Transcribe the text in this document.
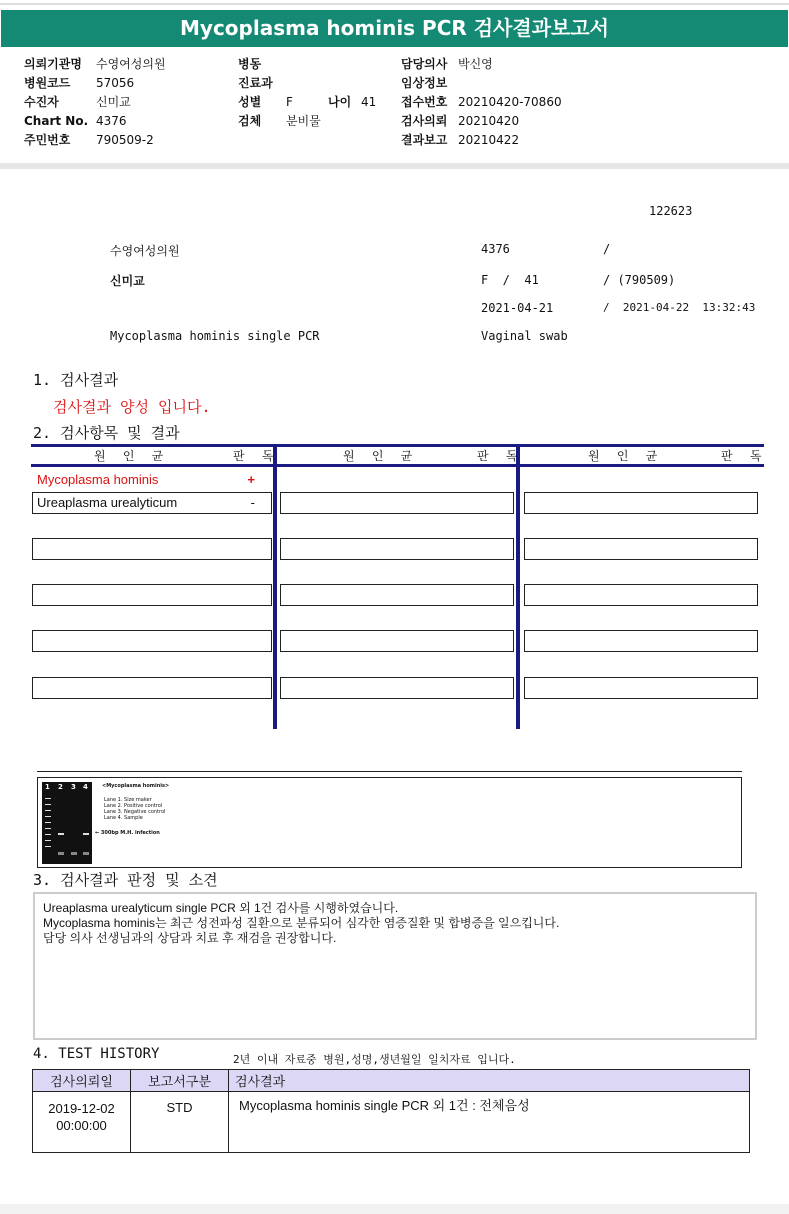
Mycoplasma hominis PCR 검사결과보고서
의뢰기관명 수영여성의원
병원코드 57056
수진자	신미교
Chart No. 4376
주민번호 790509-2
병동
진료과
성별 F	나이 41
검체 분비물
담당의사 박신영
임상정보
접수번호 20210420-70860
검사의뢰 20210420
결과보고 20210422
122623
수영여성의원	4376	/
신미교	F  /  41	/ (790509)
2021-04-21	/  2021-04-22  13:32:43
Mycoplasma hominis single PCR	Vaginal swab
1. 검사결과
검사결과 양성 입니다.
2. 검사항목 및 결과
원 인 균	판 독	원 인 균	판 독	원 인 균	판 독
Mycoplasma hominis	+
Ureaplasma urealyticum	-
1 2 3 4	<Mycoplasma hominis>
Lane 1. Size maker
Lane 2. Positive control
Lane 3. Negative control
Lane 4. Sample
← 300bp M.H. infection
3. 검사결과 판정 및 소견
Ureaplasma urealyticum single PCR 외 1건 검사를 시행하였습니다.
Mycoplasma hominis는 최근 성전파성 질환으로 분류되어 심각한 염증질환 및 합병증을 일으킵니다.
담당 의사 선생님과의 상담과 치료 후 재검을 권장합니다.
4. TEST HISTORY	2년 이내 자료중 병원,성명,생년월일 일치자료 입니다.
검사의뢰일	보고서구분	검사결과

2019-12-02
00:00:00	STD	Mycoplasma hominis single PCR 외 1건 : 전체음성
